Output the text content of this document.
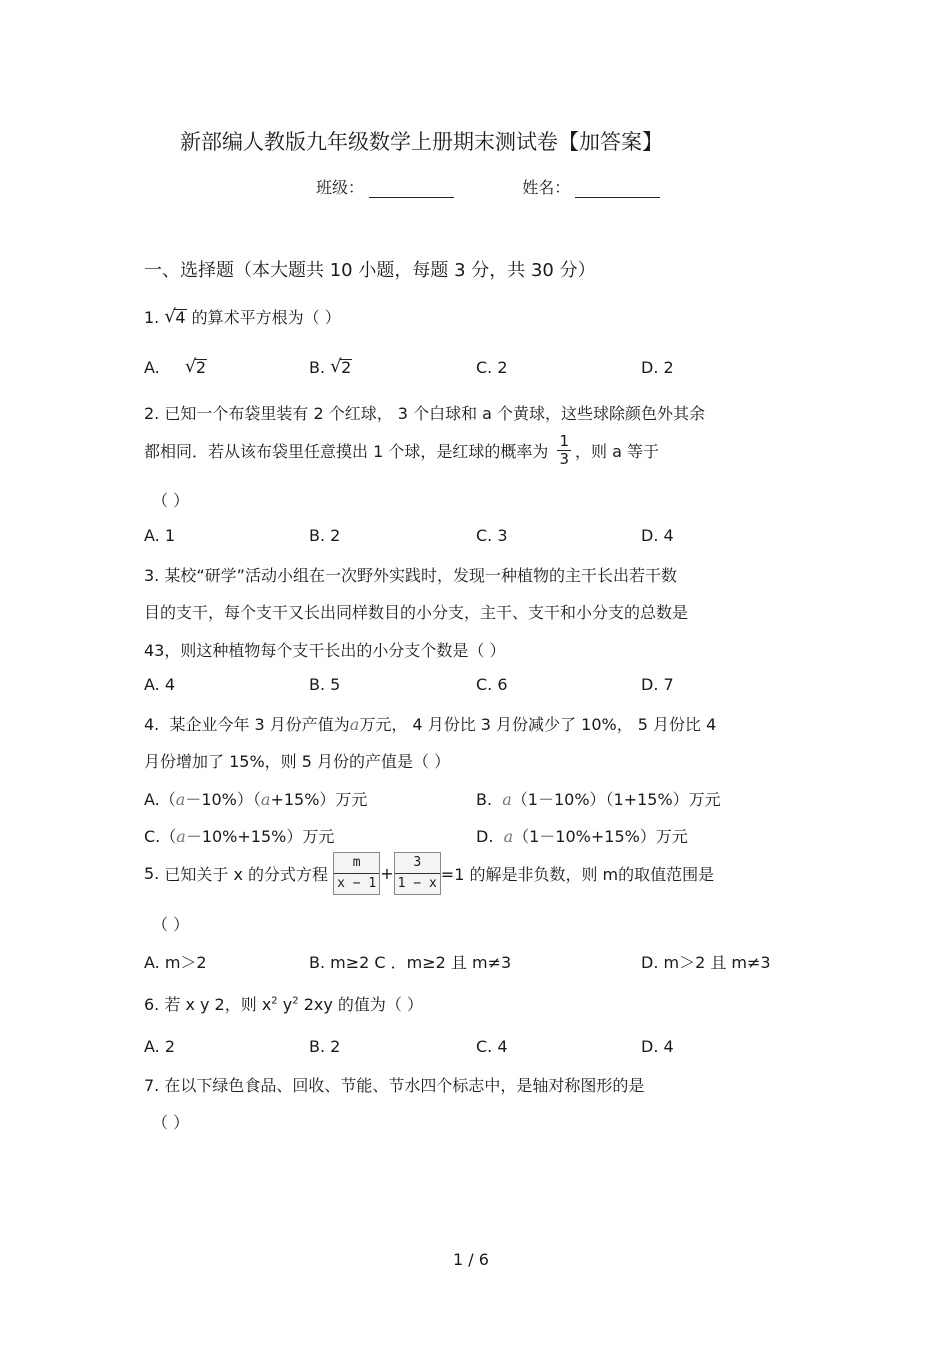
新部编人教版九年级数学上册期末测试卷【加答案】
班级：	姓名：
一、选择题（本大题共 10 小题，每题 3 分，共 30 分）
1. √ 4 的算术平方根为（ ）
A. √ 2	B. √ 2	C. 2	D. 2
2. 已知一个布袋里装有 2 个红球， 3 个白球和 a 个黄球，这些球除颜色外其余
都相同．若从该布袋里任意摸出 1 个球，是红球的概率为 $\frac{1}{3}$ ，则 a 等于
（ ）
A. 1	B. 2	C. 3	D. 4
3. 某校“研学”活动小组在一次野外实践时，发现一种植物的主干长出若干数
目的支干，每个支干又长出同样数目的小分支，主干、支干和小分支的总数是
43，则这种植物每个支干长出的小分支个数是（ ）
A. 4	B. 5	C. 6	D. 7
4. 某企业今年 3 月份产值为a万元， 4 月份比 3 月份减少了 10%， 5 月份比 4
月份增加了 15%，则 5 月份的产值是（ ）
A.（a－10%）（a+15%）万元	B. a（1－10%）（1+15%）万元
C.（a－10%+15%）万元	D. a（1－10%+15%）万元
5. 已知关于 x 的分式方程 $\frac{m}{x - 1} + \frac{3}{1 - x} =1$ 的解是非负数，则 m的取值范围是
（ ）
A. m＞2	B. m≥2 C ．m≥2 且 m≠3	D. m＞2 且 m≠3
6. 若 x y 2，则 $x^2$ $y^2$ 2xy 的值为（ ）
A. 2	B. 2	C. 4	D. 4
7. 在以下绿色食品、回收、节能、节水四个标志中，是轴对称图形的是
（ ）
1 / 6
